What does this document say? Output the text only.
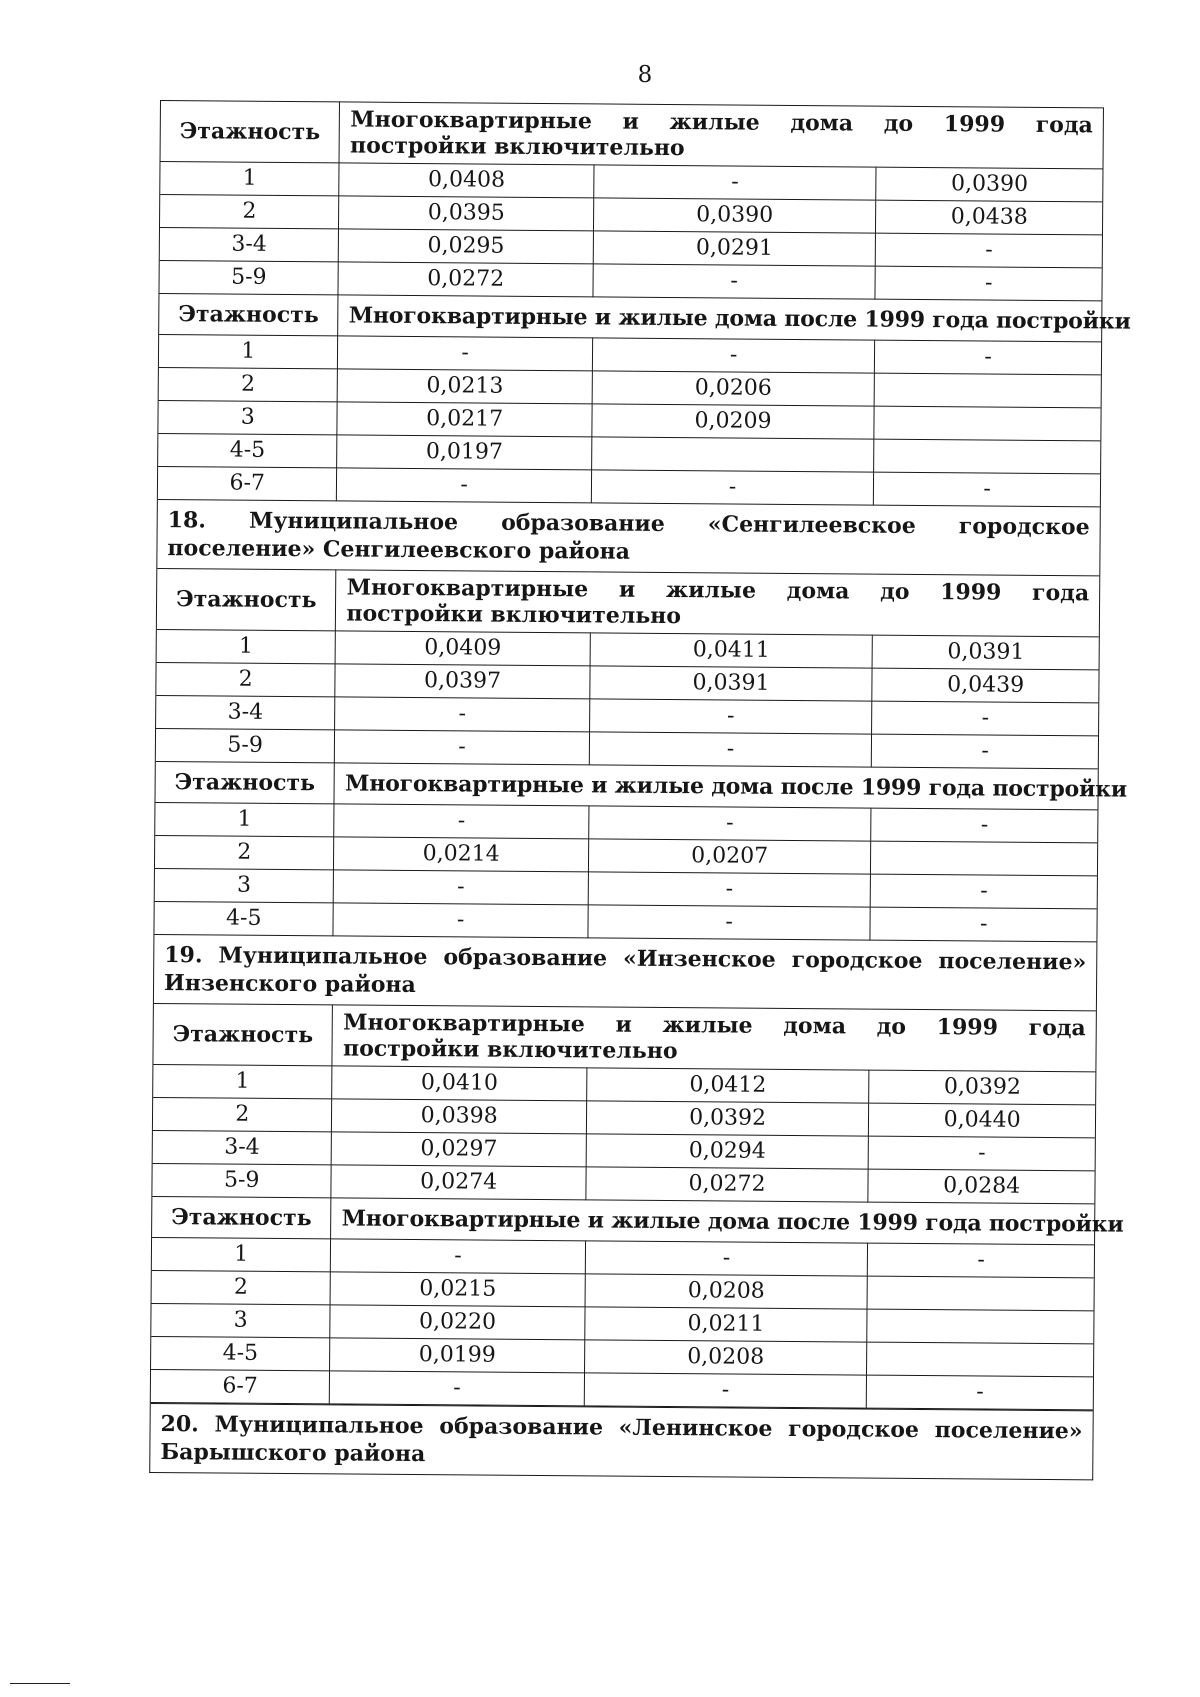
8
Этажность	Многоквартирные и жилые дома до 1999 года постройки включительно		
1	0,0408	-	0,0390
2	0,0395	0,0390	0,0438
3-4	0,0295	0,0291	-
5-9	0,0272	-	-
Этажность	Многоквартирные и жилые дома после 1999 года постройки		
1	-	-	-
2	0,0213	0,0206	
3	0,0217	0,0209	
4-5	0,0197		
6-7	-	-	-
18. Муниципальное образование «Сенгилеевское городское поселение» Сенгилеевского района
Этажность	Многоквартирные и жилые дома до 1999 года постройки включительно		
1	0,0409	0,0411	0,0391
2	0,0397	0,0391	0,0439
3-4	-	-	-
5-9	-	-	-
Этажность	Многоквартирные и жилые дома после 1999 года постройки		
1	-	-	-
2	0,0214	0,0207	
3	-	-	-
4-5	-	-	-
19. Муниципальное образование «Инзенское городское поселение» Инзенского района
Этажность	Многоквартирные и жилые дома до 1999 года постройки включительно		
1	0,0410	0,0412	0,0392
2	0,0398	0,0392	0,0440
3-4	0,0297	0,0294	-
5-9	0,0274	0,0272	0,0284
Этажность	Многоквартирные и жилые дома после 1999 года постройки		
1	-	-	-
2	0,0215	0,0208	
3	0,0220	0,0211	
4-5	0,0199	0,0208	
6-7	-	-	-
20. Муниципальное образование «Ленинское городское поселение» Барышского района
